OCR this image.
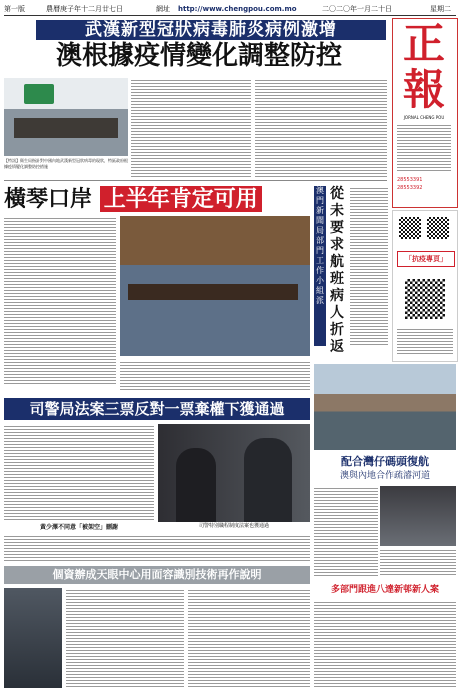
第一版	農曆庚子年十二月廿七日	網址 http://www.chengpou.com.mo	二〇二〇年一月二十日	星期二
武漢新型冠狀病毒肺炎病例激增
澳根據疫情變化調整防控
【特訊】衛生局指針對中國內地武漢新型冠狀病毒的現狀，特區政府根據疫情變化調整防控措施
正報
JORNAL CHENG POU
28553391
28553392
橫琴口岸 上半年肯定可用	澳門新聞局部門工作小組派
從未要求航班病人折返
「抗疫專頁」
司警局法案三票反對一票棄權下獲通過
司警特別職程制度法案也獲通過
黃少澤不同意「被架空」刪謝
配合灣仔碼頭復航
澳與內地合作疏濬河道
個資辦成天眼中心用面容識別技術再作說明
多部門跟進八達新邨新人案
